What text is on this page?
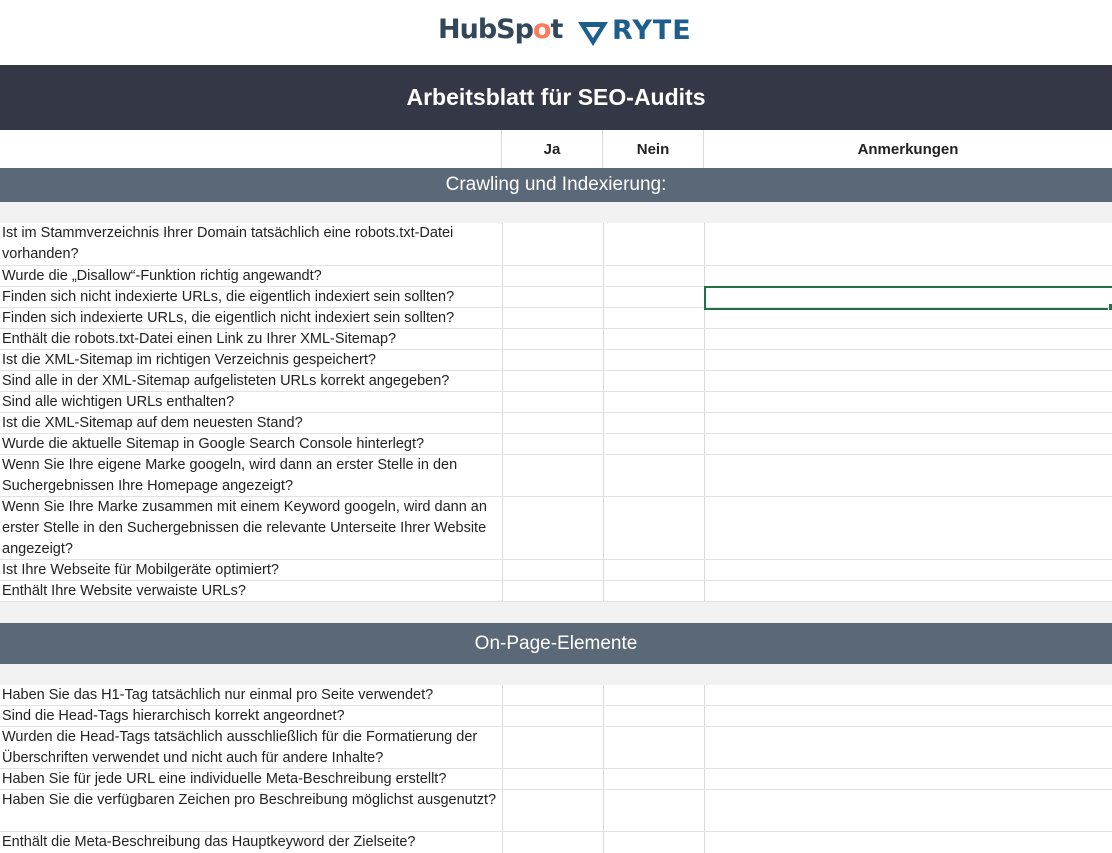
HubSpot RYTE
Arbeitsblatt für SEO-Audits
Ja	Nein	Anmerkungen
Crawling und Indexierung:
Ist im Stammverzeichnis Ihrer Domain tatsächlich eine robots.txt-Datei vorhanden?
Wurde die „Disallow“-Funktion richtig angewandt?
Finden sich nicht indexierte URLs, die eigentlich indexiert sein sollten?
Finden sich indexierte URLs, die eigentlich nicht indexiert sein sollten?
Enthält die robots.txt-Datei einen Link zu Ihrer XML-Sitemap?
Ist die XML-Sitemap im richtigen Verzeichnis gespeichert?
Sind alle in der XML-Sitemap aufgelisteten URLs korrekt angegeben?
Sind alle wichtigen URLs enthalten?
Ist die XML-Sitemap auf dem neuesten Stand?
Wurde die aktuelle Sitemap in Google Search Console hinterlegt?
Wenn Sie Ihre eigene Marke googeln, wird dann an erster Stelle in den Suchergebnissen Ihre Homepage angezeigt?
Wenn Sie Ihre Marke zusammen mit einem Keyword googeln, wird dann an erster Stelle in den Suchergebnissen die relevante Unterseite Ihrer Website angezeigt?
Ist Ihre Webseite für Mobilgeräte optimiert?
Enthält Ihre Website verwaiste URLs?
On-Page-Elemente
Haben Sie das H1-Tag tatsächlich nur einmal pro Seite verwendet?
Sind die Head-Tags hierarchisch korrekt angeordnet?
Wurden die Head-Tags tatsächlich ausschließlich für die Formatierung der Überschriften verwendet und nicht auch für andere Inhalte?
Haben Sie für jede URL eine individuelle Meta-Beschreibung erstellt?
Haben Sie die verfügbaren Zeichen pro Beschreibung möglichst ausgenutzt?
Enthält die Meta-Beschreibung das Hauptkeyword der Zielseite?
